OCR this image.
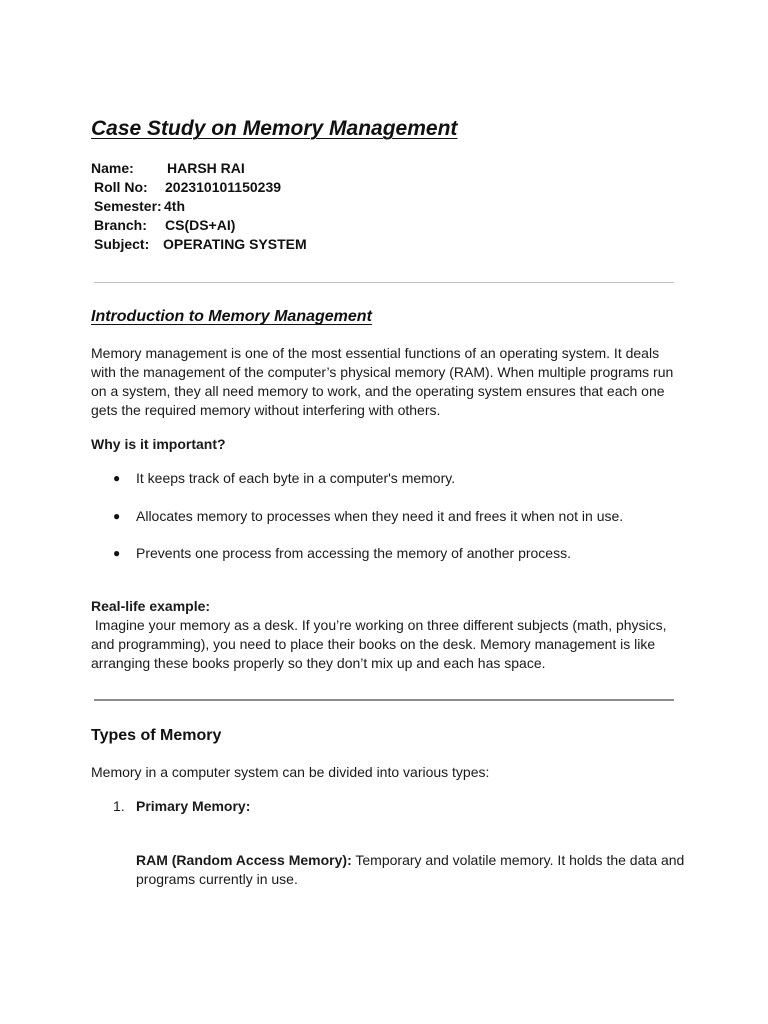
Case Study on Memory Management
Name: HARSH RAI
Roll No: 202310101150239
Semester: 4th
Branch: CS(DS+AI)
Subject: OPERATING SYSTEM
Introduction to Memory Management
Memory management is one of the most essential functions of an operating system. It deals
with the management of the computer’s physical memory (RAM). When multiple programs run
on a system, they all need memory to work, and the operating system ensures that each one
gets the required memory without interfering with others.
Why is it important?
● It keeps track of each byte in a computer's memory.
● Allocates memory to processes when they need it and frees it when not in use.
● Prevents one process from accessing the memory of another process.
Real-life example:
Imagine your memory as a desk. If you’re working on three different subjects (math, physics,
and programming), you need to place their books on the desk. Memory management is like
arranging these books properly so they don’t mix up and each has space.
Types of Memory
Memory in a computer system can be divided into various types:
1. Primary Memory:
RAM (Random Access Memory): Temporary and volatile memory. It holds the data and
programs currently in use.
